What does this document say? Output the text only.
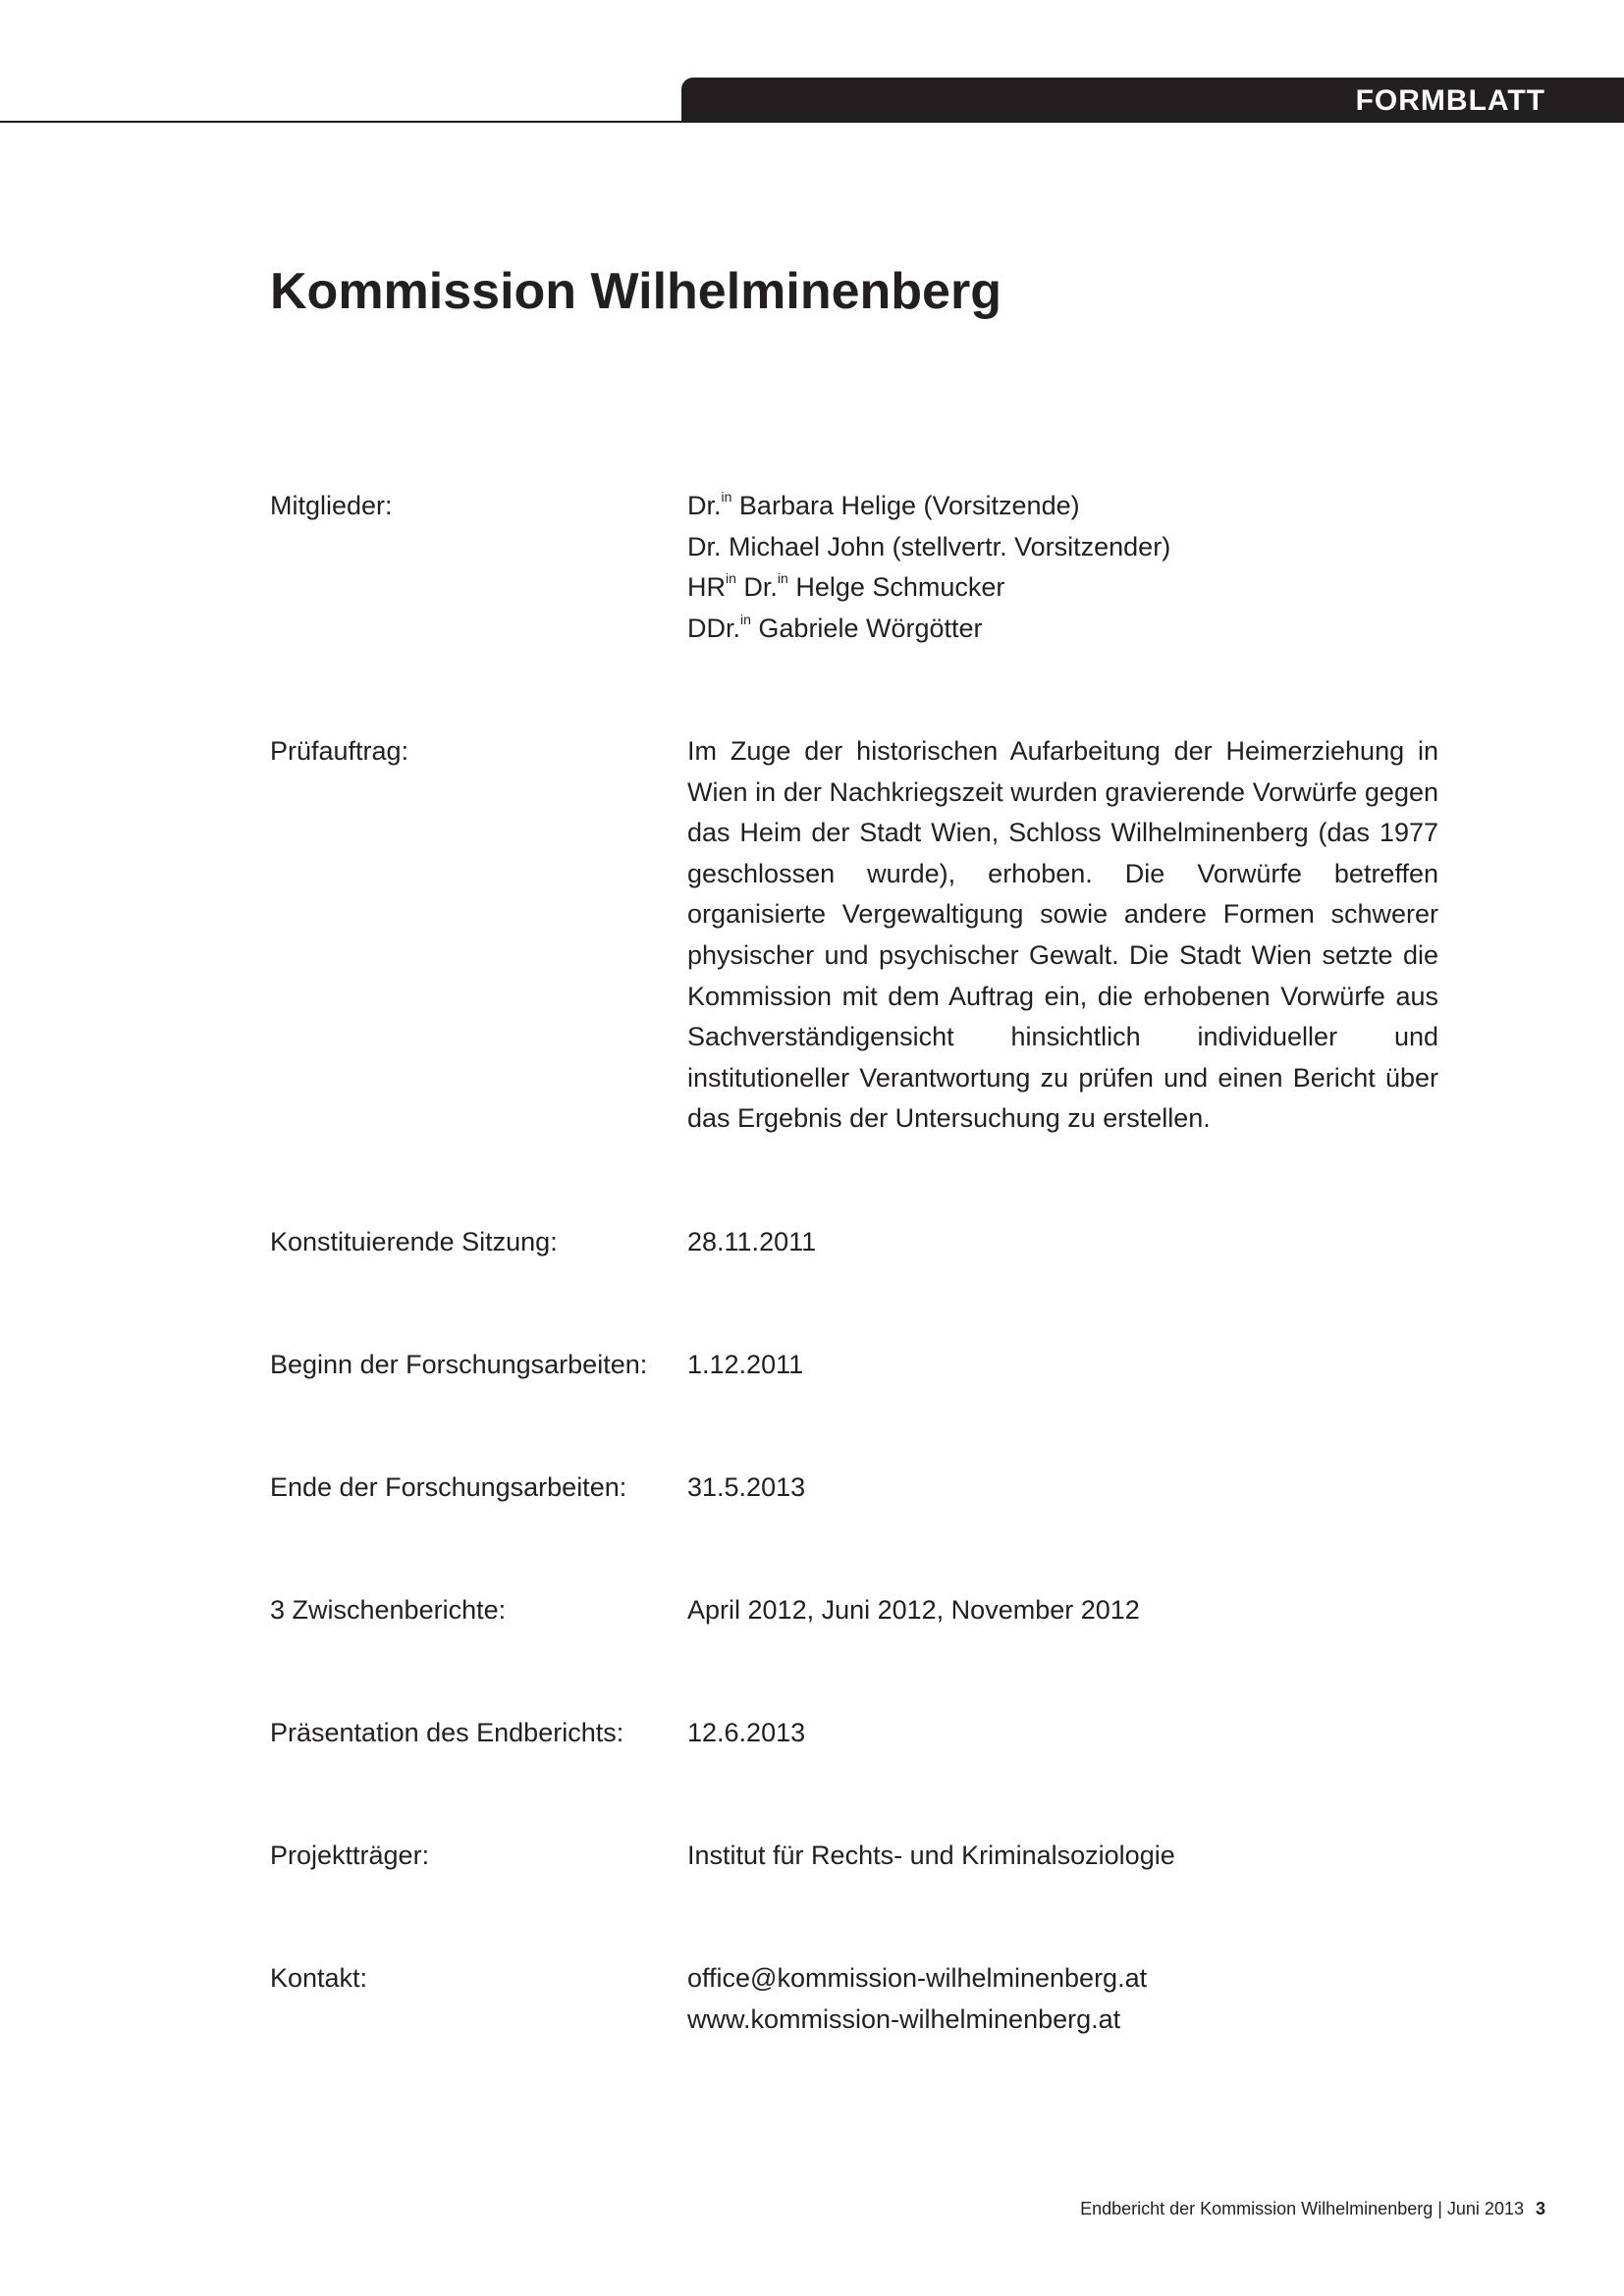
FORMBLATT
Kommission Wilhelminenberg
Mitglieder:	Dr.$^{in}$ Barbara Helige (Vorsitzende)
Dr. Michael John (stellvertr. Vorsitzender)
$HR^{in}$ Dr.$^{in}$ Helge Schmucker
DDr.$^{in}$ Gabriele Wörgötter
Prüfauftrag:	Im Zuge der historischen Aufarbeitung der Heimerziehung in Wien in der Nachkriegszeit wurden gravierende Vorwürfe gegen das Heim der Stadt Wien, Schloss Wilhelminenberg (das 1977 geschlossen wurde), erhoben. Die Vorwürfe betreffen organisierte Vergewaltigung sowie andere Formen schwerer physischer und psychischer Gewalt. Die Stadt Wien setzte die Kommission mit dem Auftrag ein, die erhobenen Vorwürfe aus Sachverständigensicht hinsichtlich individueller und institutioneller Verantwortung zu prüfen und einen Bericht über das Ergebnis der Untersuchung zu erstellen.
Konstituierende Sitzung:	28.11.2011
Beginn der Forschungsarbeiten:	1.12.2011
Ende der Forschungsarbeiten:	31.5.2013
3 Zwischenberichte:	April 2012, Juni 2012, November 2012
Präsentation des Endberichts:	12.6.2013
Projektträger:	Institut für Rechts- und Kriminalsoziologie
Kontakt:	office@kommission-wilhelminenberg.at
www.kommission-wilhelminenberg.at
Endbericht der Kommission Wilhelminenberg | Juni 2013 3
